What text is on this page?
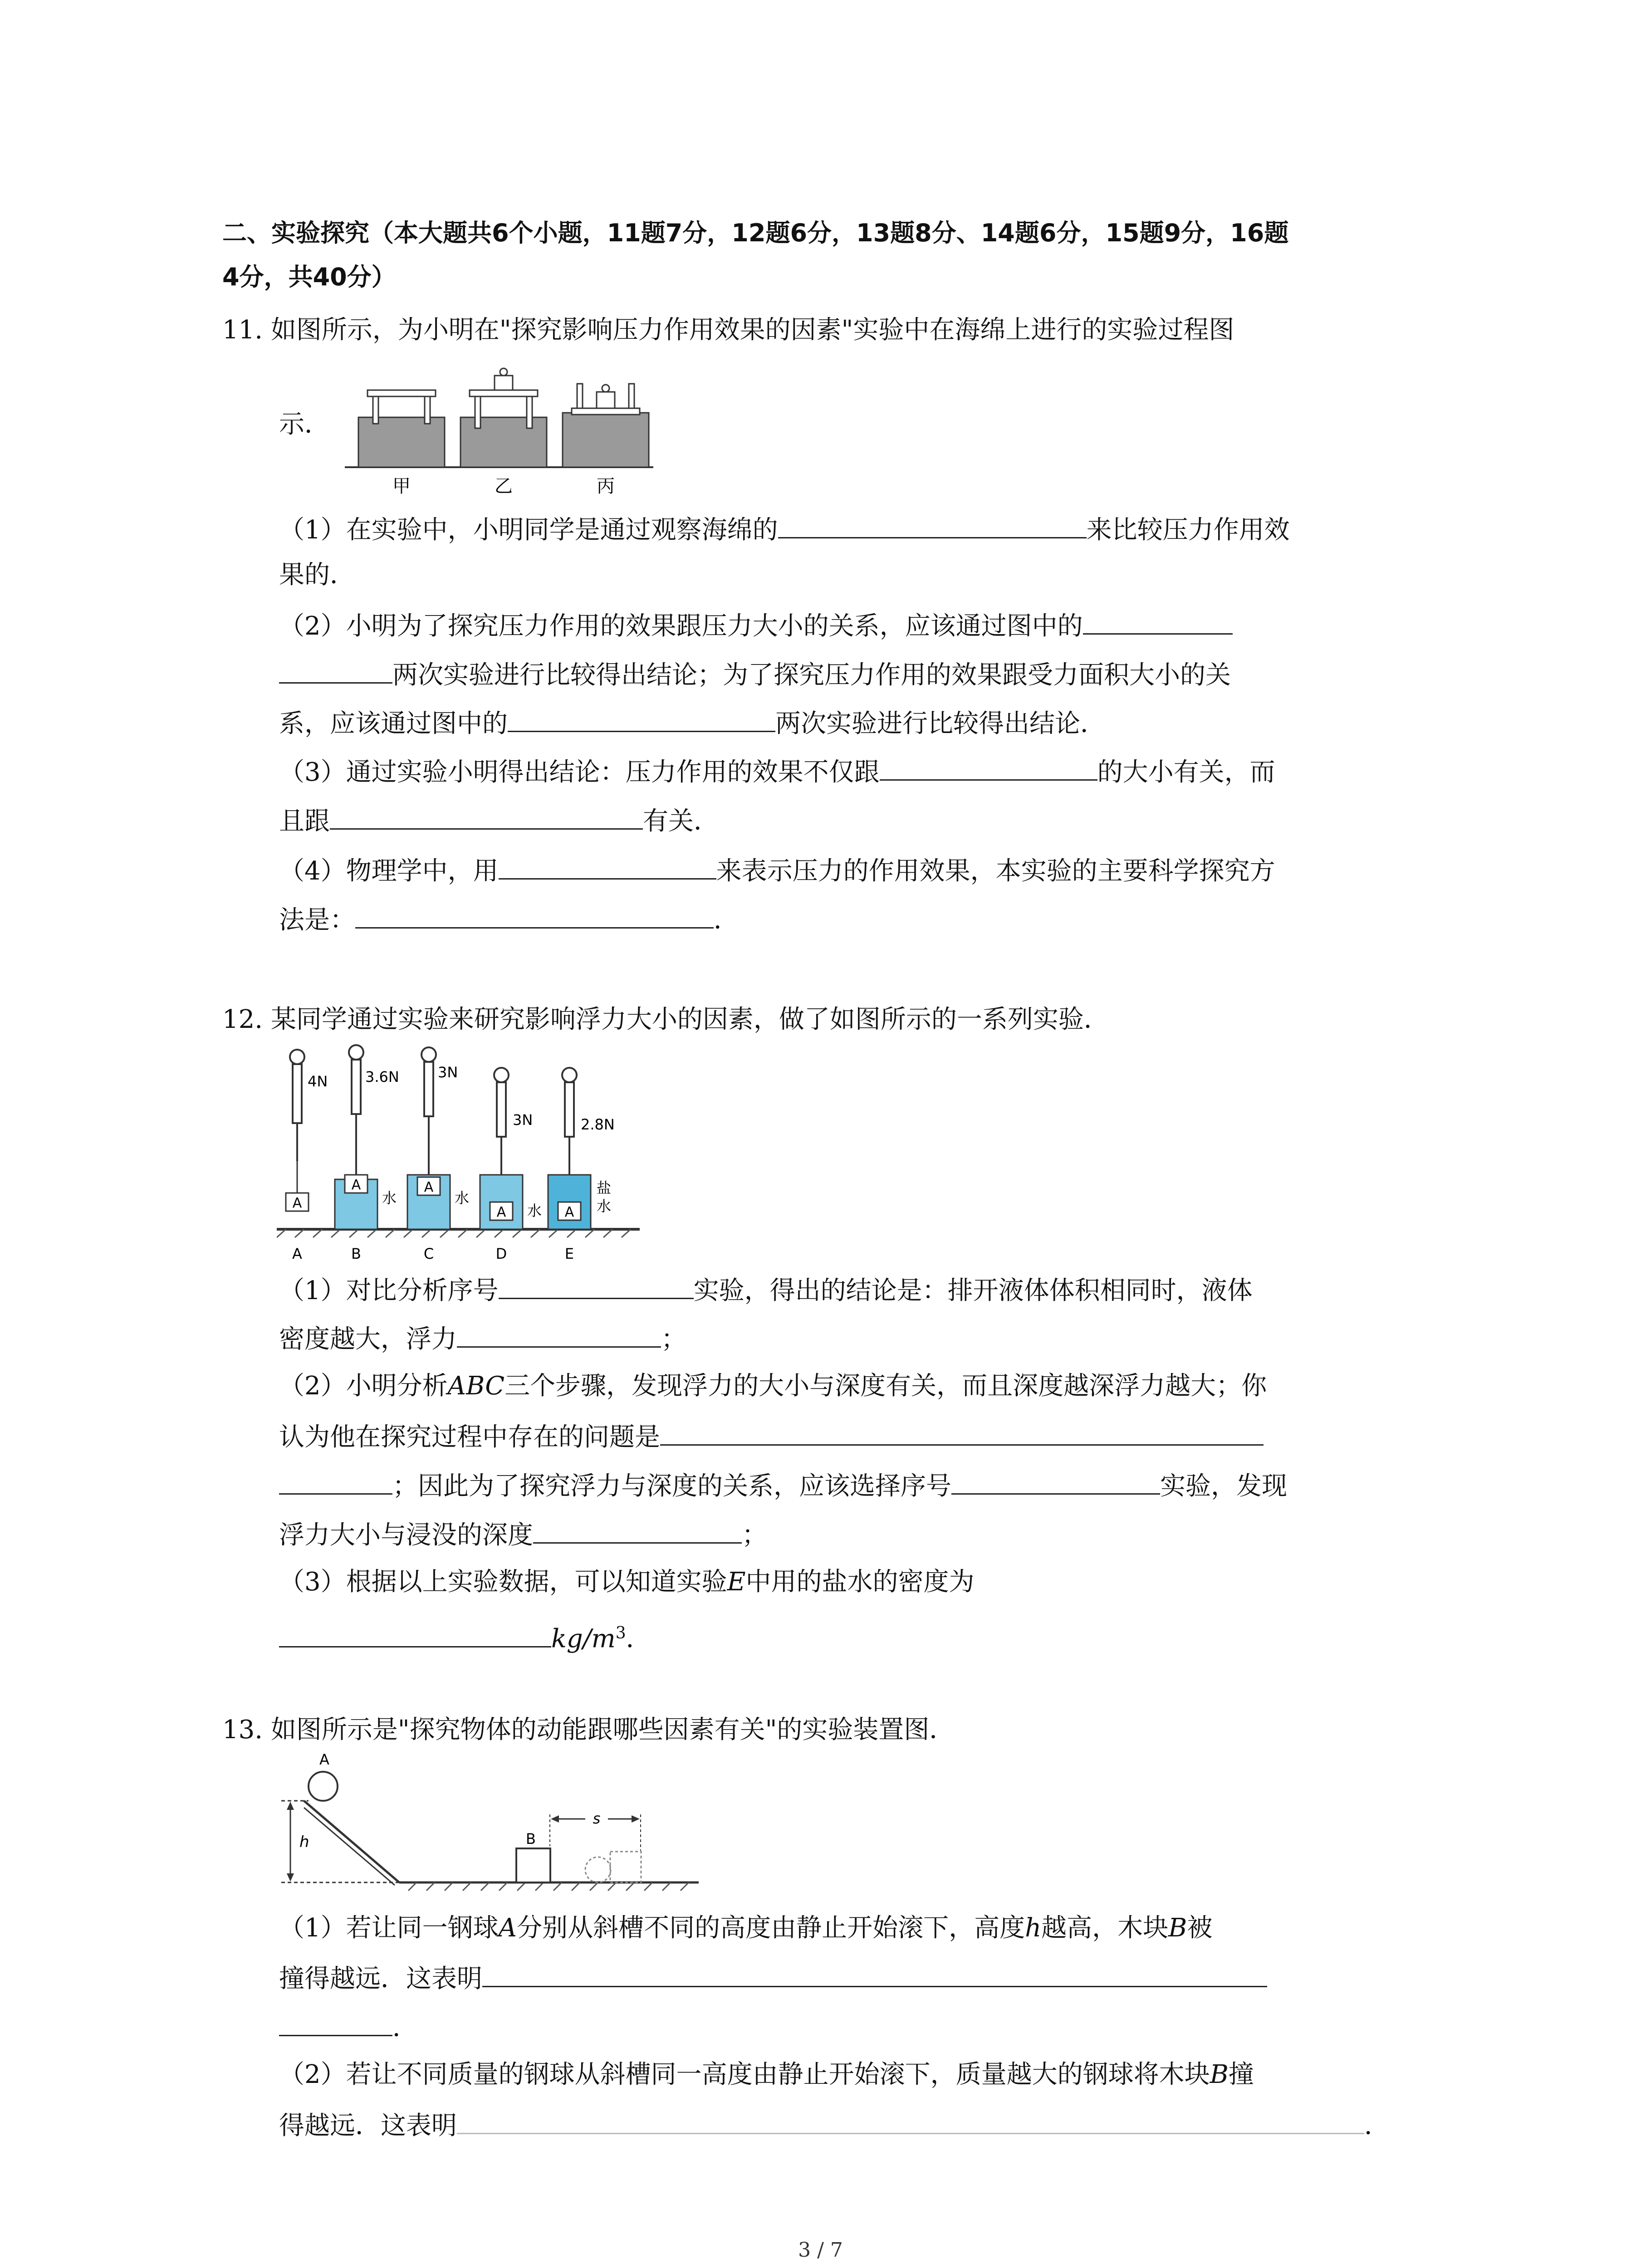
二、实验探究（本大题共6个小题，11题7分，12题6分，13题8分、14题6分，15题9分，16题
4分，共40分）
11. 如图所示，为小明在"探究影响压力作用效果的因素"实验中在海绵上进行的实验过程图
示．
甲	乙	丙
（1）在实验中，小明同学是通过观察海绵的	来比较压力作用效
果的．
（2）小明为了探究压力作用的效果跟压力大小的关系，应该通过图中的
两次实验进行比较得出结论；为了探究压力作用的效果跟受力面积大小的关
系，应该通过图中的	两次实验进行比较得出结论．
（3）通过实验小明得出结论：压力作用的效果不仅跟	的大小有关，而
且跟	有关．
（4）物理学中，用	来表示压力的作用效果，本实验的主要科学探究方
法是：	．
12. 某同学通过实验来研究影响浮力大小的因素，做了如图所示的一系列实验．
A
A	A
A	A
4N	3.6N	3N
3N	2.8N
水	水
水
盐
水
A	B	C	D	E
（1）对比分析序号	实验，得出的结论是：排开液体体积相同时，液体
密度越大，浮力	；
（2）小明分析ABC三个步骤，发现浮力的大小与深度有关，而且深度越深浮力越大；你
认为他在探究过程中存在的问题是
；因此为了探究浮力与深度的关系，应该选择序号	实验，发现
浮力大小与浸没的深度	；
（3）根据以上实验数据，可以知道实验E中用的盐水的密度为
$kg/m^3$．
13. 如图所示是"探究物体的动能跟哪些因素有关"的实验装置图．
A
h	B
s
（1）若让同一钢球A分别从斜槽不同的高度由静止开始滚下，高度h越高，木块B被
撞得越远．这表明
．
（2）若让不同质量的钢球从斜槽同一高度由静止开始滚下，质量越大的钢球将木块B撞
得越远．这表明	．
3 / 7
